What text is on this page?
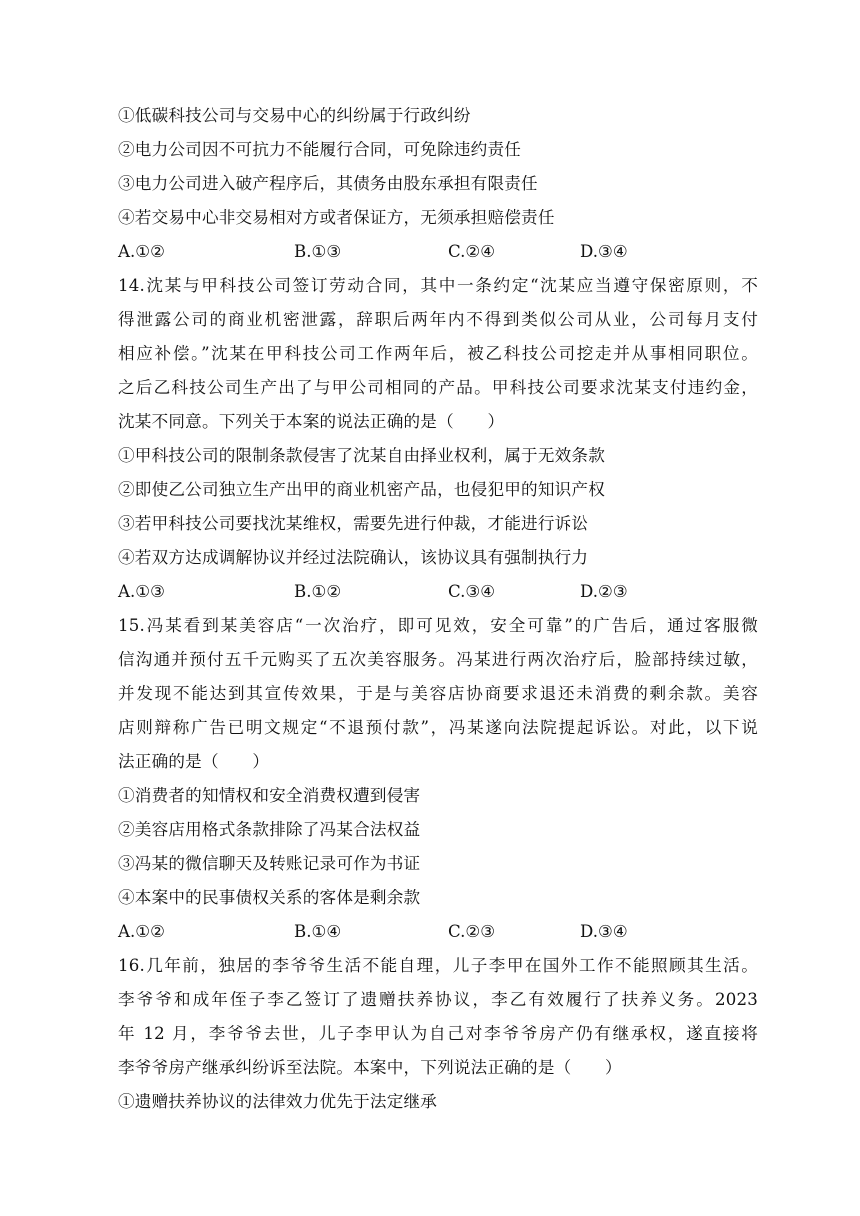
①低碳科技公司与交易中心的纠纷属于行政纠纷
②电力公司因不可抗力不能履行合同，可免除违约责任
③电力公司进入破产程序后，其债务由股东承担有限责任
④若交易中心非交易相对方或者保证方，无须承担赔偿责任
A.①②	B.①③	C.②④	D.③④
14.沈某与甲科技公司签订劳动合同，其中一条约定“沈某应当遵守保密原则，不
得泄露公司的商业机密泄露，辞职后两年内不得到类似公司从业，公司每月支付
相应补偿。”沈某在甲科技公司工作两年后，被乙科技公司挖走并从事相同职位。
之后乙科技公司生产出了与甲公司相同的产品。甲科技公司要求沈某支付违约金，
沈某不同意。下列关于本案的说法正确的是（　　）
①甲科技公司的限制条款侵害了沈某自由择业权利，属于无效条款
②即使乙公司独立生产出甲的商业机密产品，也侵犯甲的知识产权
③若甲科技公司要找沈某维权，需要先进行仲裁，才能进行诉讼
④若双方达成调解协议并经过法院确认，该协议具有强制执行力
A.①③	B.①②	C.③④	D.②③
15.冯某看到某美容店“一次治疗，即可见效，安全可靠”的广告后，通过客服微
信沟通并预付五千元购买了五次美容服务。冯某进行两次治疗后，脸部持续过敏，
并发现不能达到其宣传效果，于是与美容店协商要求退还未消费的剩余款。美容
店则辩称广告已明文规定“不退预付款”，冯某遂向法院提起诉讼。对此，以下说
法正确的是（　　）
①消费者的知情权和安全消费权遭到侵害
②美容店用格式条款排除了冯某合法权益
③冯某的微信聊天及转账记录可作为书证
④本案中的民事债权关系的客体是剩余款
A.①②	B.①④	C.②③	D.③④
16.几年前，独居的李爷爷生活不能自理，儿子李甲在国外工作不能照顾其生活。
李爷爷和成年侄子李乙签订了遗赠扶养协议，李乙有效履行了扶养义务。2023
年 12 月，李爷爷去世，儿子李甲认为自己对李爷爷房产仍有继承权，遂直接将
李爷爷房产继承纠纷诉至法院。本案中，下列说法正确的是（　　）
①遗赠扶养协议的法律效力优先于法定继承
